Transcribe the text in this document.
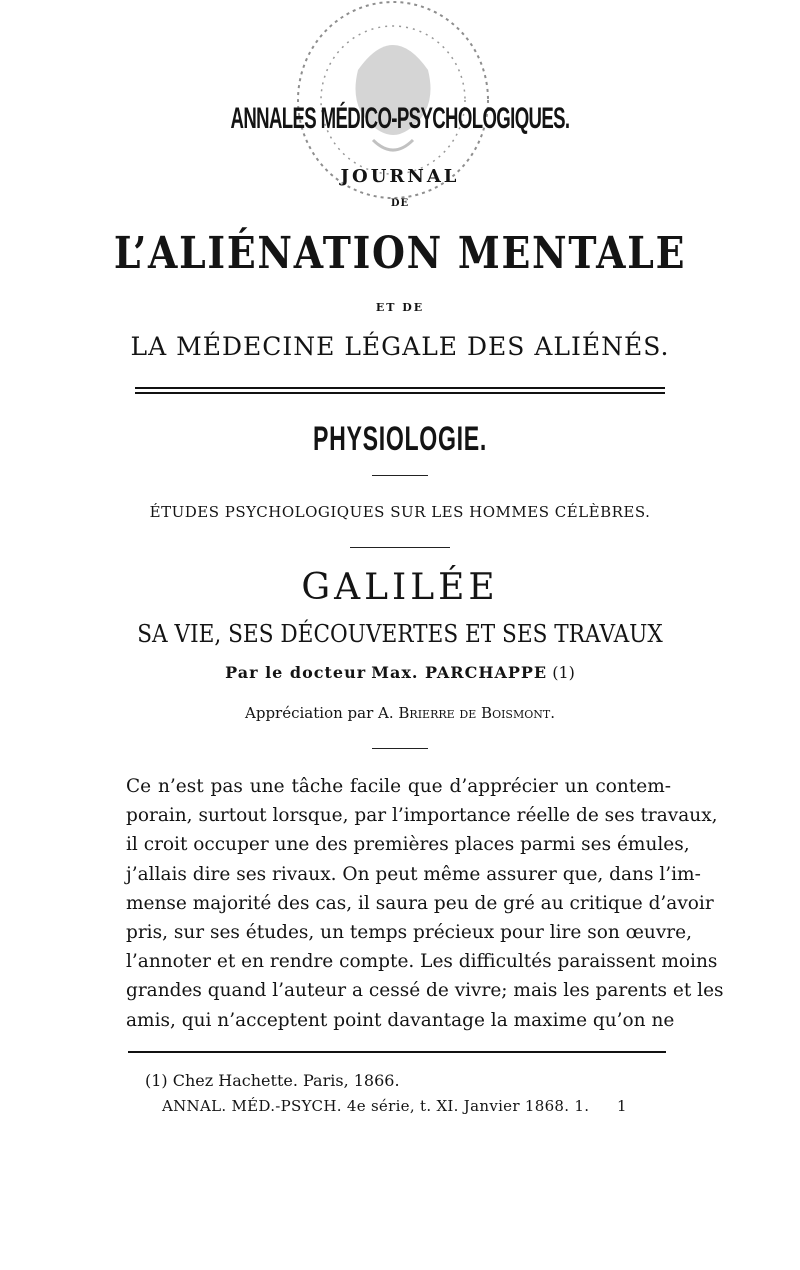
ANNALES MÉDICO-PSYCHOLOGIQUES.
JOURNAL
DE
L’ALIÉNATION MENTALE
ET DE
LA MÉDECINE LÉGALE DES ALIÉNÉS.
PHYSIOLOGIE.
ÉTUDES PSYCHOLOGIQUES SUR LES HOMMES CÉLÈBRES.
GALILÉE
SA VIE, SES DÉCOUVERTES ET SES TRAVAUX
Par le docteur Max. PARCHAPPE (1)
Appréciation par A. Brierre de Boismont.
Ce n’est pas une tâche facile que d’apprécier un contem-
porain, surtout lorsque, par l’importance réelle de ses travaux,
il croit occuper une des premières places parmi ses émules,
j’allais dire ses rivaux. On peut même assurer que, dans l’im-
mense majorité des cas, il saura peu de gré au critique d’avoir
pris, sur ses études, un temps précieux pour lire son œuvre,
l’annoter et en rendre compte. Les difficultés paraissent moins
grandes quand l’auteur a cessé de vivre; mais les parents et les
amis, qui n’acceptent point davantage la maxime qu’on ne
(1) Chez Hachette. Paris, 1866.
ANNAL. MÉD.-PSYCH. 4e série, t. XI. Janvier 1868. 1. 1
